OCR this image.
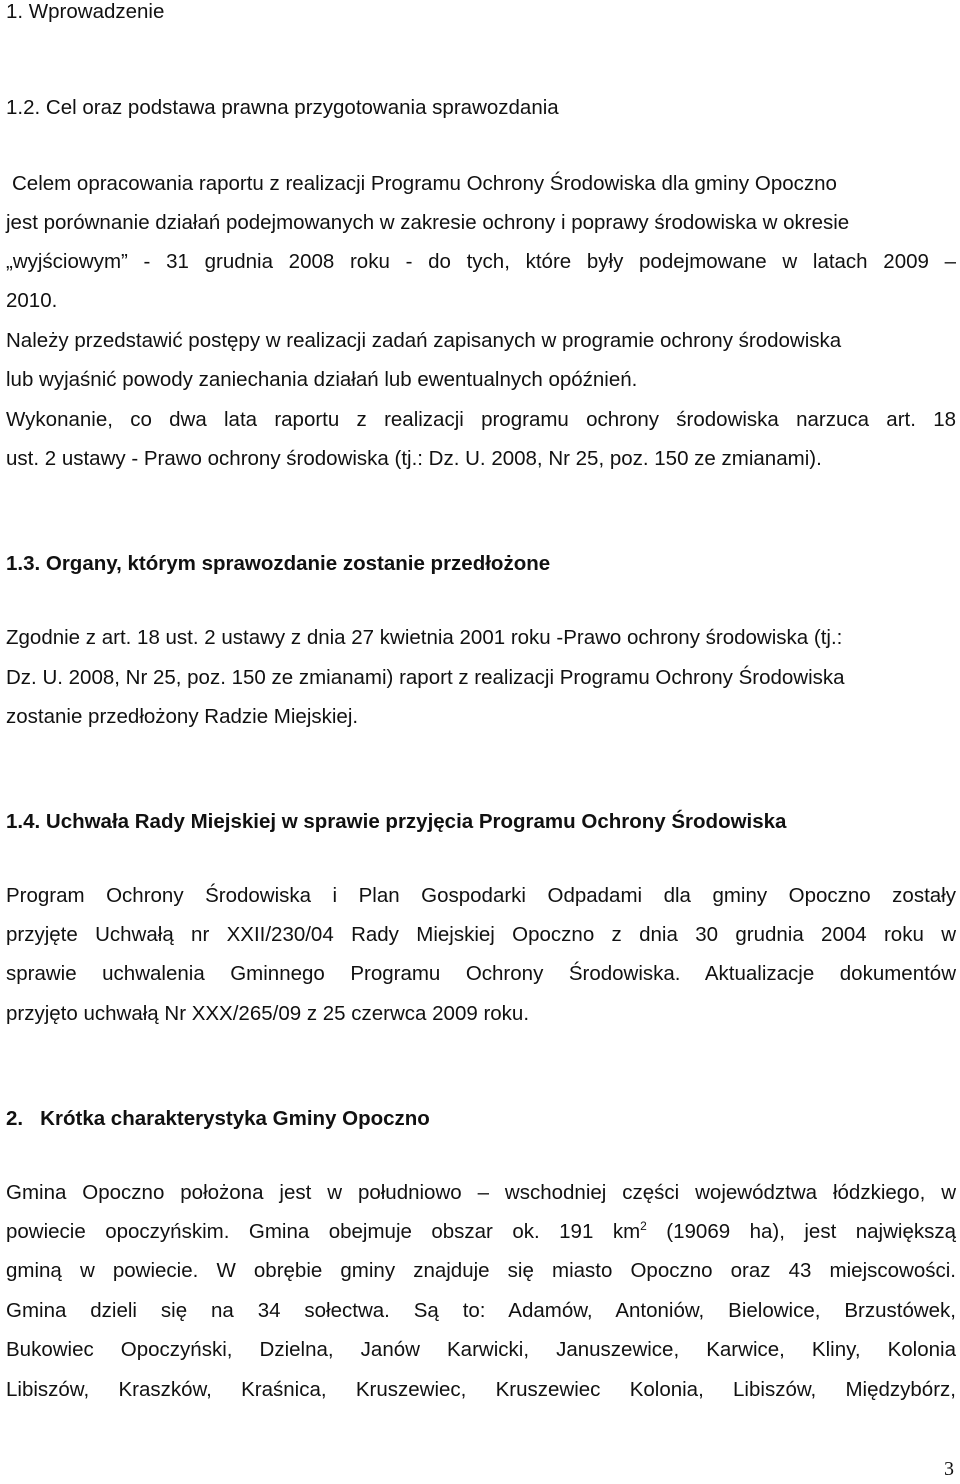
1. Wprowadzenie

1.2. Cel oraz podstawa prawna przygotowania sprawozdania

Celem opracowania raportu z realizacji Programu Ochrony Środowiska dla gminy Opoczno

jest porównanie działań podejmowanych w zakresie ochrony i poprawy środowiska w okresie

„wyjściowym” - 31 grudnia 2008 roku - do tych, które były podejmowane w latach 2009 –

2010.

Należy przedstawić postępy w realizacji zadań zapisanych w programie ochrony środowiska

lub wyjaśnić powody zaniechania działań lub ewentualnych opóźnień.

Wykonanie, co dwa lata raportu z realizacji programu ochrony środowiska narzuca art. 18

ust. 2 ustawy - Prawo ochrony środowiska (tj.: Dz. U. 2008, Nr 25, poz. 150 ze zmianami).

1.3. Organy, którym sprawozdanie zostanie przedłożone

Zgodnie z art. 18 ust. 2 ustawy z dnia 27 kwietnia 2001 roku -Prawo ochrony środowiska (tj.:

Dz. U. 2008, Nr 25, poz. 150 ze zmianami) raport z realizacji Programu Ochrony Środowiska

zostanie przedłożony Radzie Miejskiej.

1.4. Uchwała Rady Miejskiej w sprawie przyjęcia Programu Ochrony Środowiska

Program Ochrony Środowiska i Plan Gospodarki Odpadami dla gminy Opoczno zostały

przyjęte Uchwałą nr XXII/230/04 Rady Miejskiej Opoczno z dnia 30 grudnia 2004 roku w

sprawie uchwalenia Gminnego Programu Ochrony Środowiska. Aktualizacje dokumentów

przyjęto uchwałą Nr XXX/265/09 z 25 czerwca 2009 roku.

2.   Krótka charakterystyka Gminy Opoczno

Gmina Opoczno położona jest w południowo – wschodniej części województwa łódzkiego, w

powiecie opoczyńskim. Gmina obejmuje obszar ok. 191 $km^2$ (19069 ha), jest największą

gminą w powiecie. W obrębie gminy znajduje się miasto Opoczno oraz 43 miejscowości.

Gmina dzieli się na 34 sołectwa. Są to: Adamów, Antoniów, Bielowice, Brzustówek,

Bukowiec Opoczyński, Dzielna, Janów Karwicki, Januszewice, Karwice, Kliny, Kolonia

Libiszów, Kraszków, Kraśnica, Kruszewiec, Kruszewiec Kolonia, Libiszów, Międzybórz,

3
